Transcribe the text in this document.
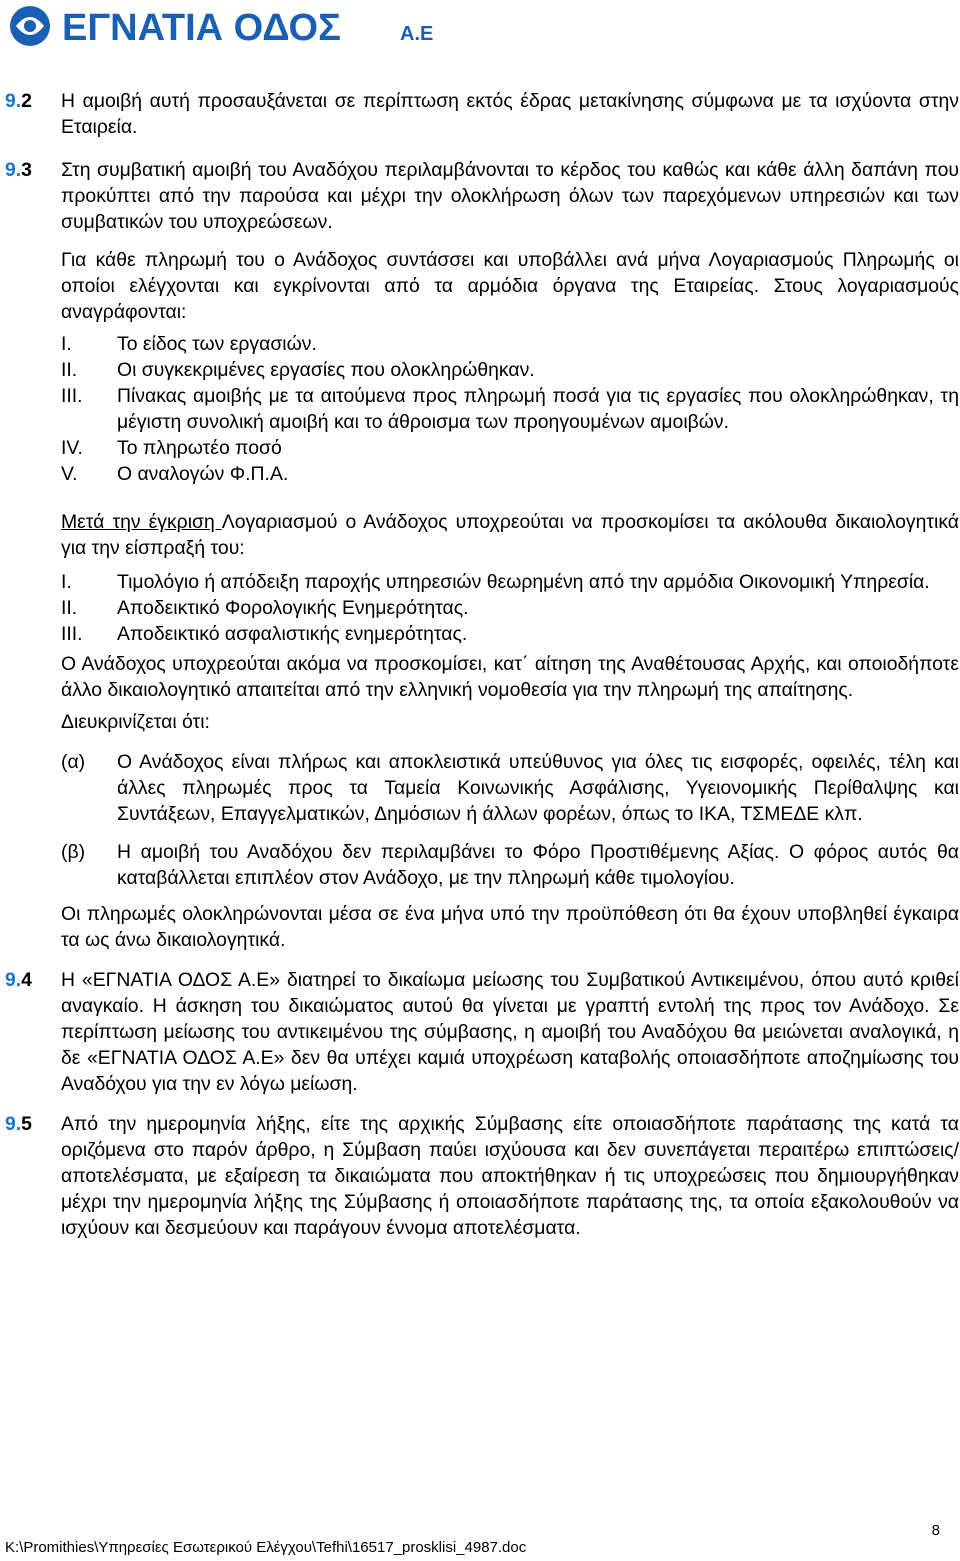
ΕΓΝΑΤΙΑ ΟΔΟΣ	Α.Ε
9.2 Η αμοιβή αυτή προσαυξάνεται σε περίπτωση εκτός έδρας μετακίνησης σύμφωνα με τα ισχύοντα στην Εταιρεία.
9.3 Στη συμβατική αμοιβή του Αναδόχου περιλαμβάνονται το κέρδος του καθώς και κάθε άλλη δαπάνη που προκύπτει από την παρούσα και μέχρι την ολοκλήρωση όλων των παρεχόμενων υπηρεσιών και των συμβατικών του υποχρεώσεων.

Για κάθε πληρωμή του ο Ανάδοχος συντάσσει και υποβάλλει ανά μήνα Λογαριασμούς Πληρωμής οι οποίοι ελέγχονται και εγκρίνονται από τα αρμόδια όργανα της Εταιρείας. Στους λογαριασμούς αναγράφονται:

I. Το είδος των εργασιών.
II. Οι συγκεκριμένες εργασίες που ολοκληρώθηκαν.
III. Πίνακας αμοιβής με τα αιτούμενα προς πληρωμή ποσά για τις εργασίες που ολοκληρώθηκαν, τη μέγιστη συνολική αμοιβή και το άθροισμα των προηγουμένων αμοιβών.
IV. Το πληρωτέο ποσό
V. Ο αναλογών Φ.Π.Α.

Μετά την έγκριση Λογαριασμού ο Ανάδοχος υποχρεούται να προσκομίσει τα ακόλουθα δικαιολογητικά για την είσπραξή του:

I. Τιμολόγιο ή απόδειξη παροχής υπηρεσιών θεωρημένη από την αρμόδια Οικονομική Υπηρεσία.
II. Αποδεικτικό Φορολογικής Ενημερότητας.
III. Αποδεικτικό ασφαλιστικής ενημερότητας.

Ο Ανάδοχος υποχρεούται ακόμα να προσκομίσει, κατ΄ αίτηση της Αναθέτουσας Αρχής, και οποιοδήποτε άλλο δικαιολογητικό απαιτείται από την ελληνική νομοθεσία για την πληρωμή της απαίτησης.

Διευκρινίζεται ότι:

(α) Ο Ανάδοχος είναι πλήρως και αποκλειστικά υπεύθυνος για όλες τις εισφορές, οφειλές, τέλη και άλλες πληρωμές προς τα Ταμεία Κοινωνικής Ασφάλισης, Υγειονομικής Περίθαλψης και Συντάξεων, Επαγγελματικών, Δημόσιων ή άλλων φορέων, όπως το ΙΚΑ, ΤΣΜΕΔΕ κλπ.
(β) Η αμοιβή του Αναδόχου δεν περιλαμβάνει το Φόρο Προστιθέμενης Αξίας. Ο φόρος αυτός θα καταβάλλεται επιπλέον στον Ανάδοχο, με την πληρωμή κάθε τιμολογίου.

Οι πληρωμές ολοκληρώνονται μέσα σε ένα μήνα υπό την προϋπόθεση ότι θα έχουν υποβληθεί έγκαιρα τα ως άνω δικαιολογητικά.

9.4 Η «ΕΓΝΑΤΙΑ ΟΔΟΣ Α.Ε» διατηρεί το δικαίωμα μείωσης του Συμβατικού Αντικειμένου, όπου αυτό κριθεί αναγκαίο. Η άσκηση του δικαιώματος αυτού θα γίνεται με γραπτή εντολή της προς τον Ανάδοχο. Σε περίπτωση μείωσης του αντικειμένου της σύμβασης, η αμοιβή του Αναδόχου θα μειώνεται αναλογικά, η δε «ΕΓΝΑΤΙΑ ΟΔΟΣ Α.Ε» δεν θα υπέχει καμιά υποχρέωση καταβολής οποιασδήποτε αποζημίωσης του Αναδόχου για την εν λόγω μείωση.
9.5 Από την ημερομηνία λήξης, είτε της αρχικής Σύμβασης είτε οποιασδήποτε παράτασης της κατά τα οριζόμενα στο παρόν άρθρο, η Σύμβαση παύει ισχύουσα και δεν συνεπάγεται περαιτέρω επιπτώσεις/αποτελέσματα, με εξαίρεση τα δικαιώματα που αποκτήθηκαν ή τις υποχρεώσεις που δημιουργήθηκαν μέχρι την ημερομηνία λήξης της Σύμβασης ή οποιασδήποτε παράτασης της, τα οποία εξακολουθούν να ισχύουν και δεσμεύουν και παράγουν έννομα αποτελέσματα.
8
K:\Promithies\Υπηρεσίες Εσωτερικού Ελέγχου\Tefhi\16517_prosklisi_4987.doc
